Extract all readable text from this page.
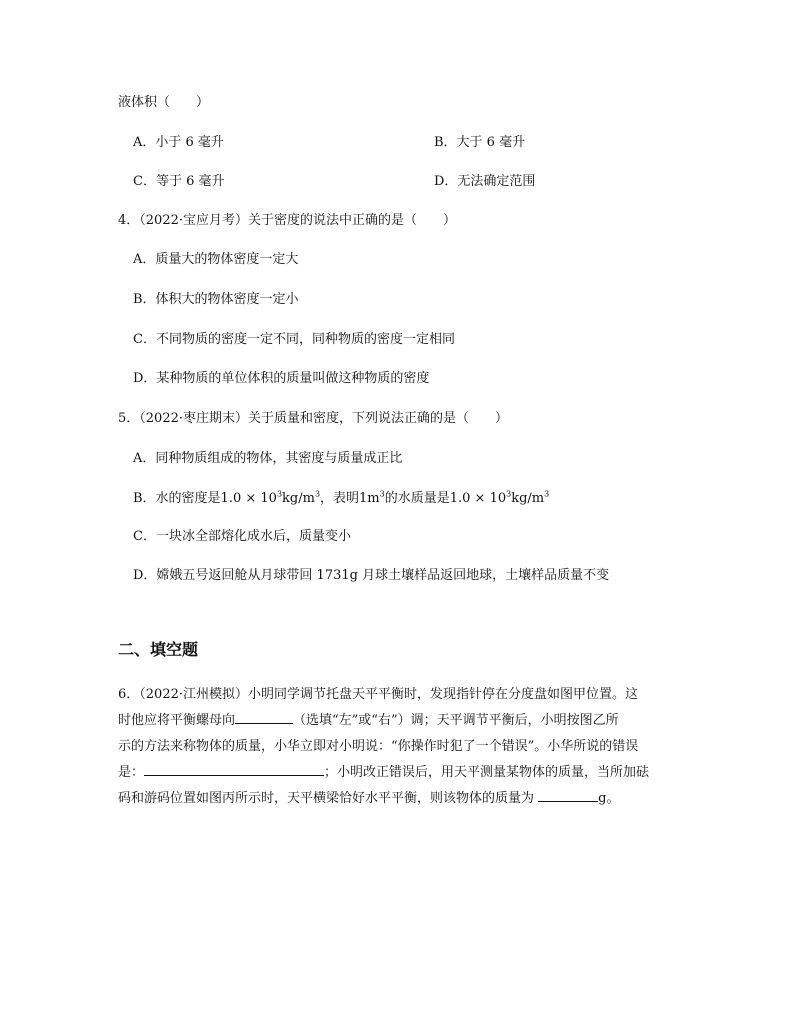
液体积（　　）
A．小于 6 毫升	B．大于 6 毫升
C．等于 6 毫升	D．无法确定范围
4．（2022·宝应月考）关于密度的说法中正确的是（　　）
A．质量大的物体密度一定大
B．体积大的物体密度一定小
C．不同物质的密度一定不同，同种物质的密度一定相同
D．某种物质的单位体积的质量叫做这种物质的密度
5．（2022·枣庄期末）关于质量和密度，下列说法正确的是（　　）
A．同种物质组成的物体，其密度与质量成正比
B．水的密度是$1.0 \times 10^3kg/m^3$，表明$1m^3$的水质量是$1.0 \times 10^3kg/m^3$
C．一块冰全部熔化成水后，质量变小
D．嫦娥五号返回舱从月球带回 1731g 月球土壤样品返回地球，土壤样品质量不变
二、填空题
6．（2022·江州模拟）小明同学调节托盘天平平衡时，发现指针停在分度盘如图甲位置。这
时他应将平衡螺母向	（选填“左”或“右”）调；天平调节平衡后，小明按图乙所
示的方法来称物体的质量，小华立即对小明说：“你操作时犯了一个错误”。小华所说的错误
是：	；小明改正错误后，用天平测量某物体的质量，当所加砝
码和游码位置如图丙所示时，天平横梁恰好水平平衡，则该物体的质量为	g。
